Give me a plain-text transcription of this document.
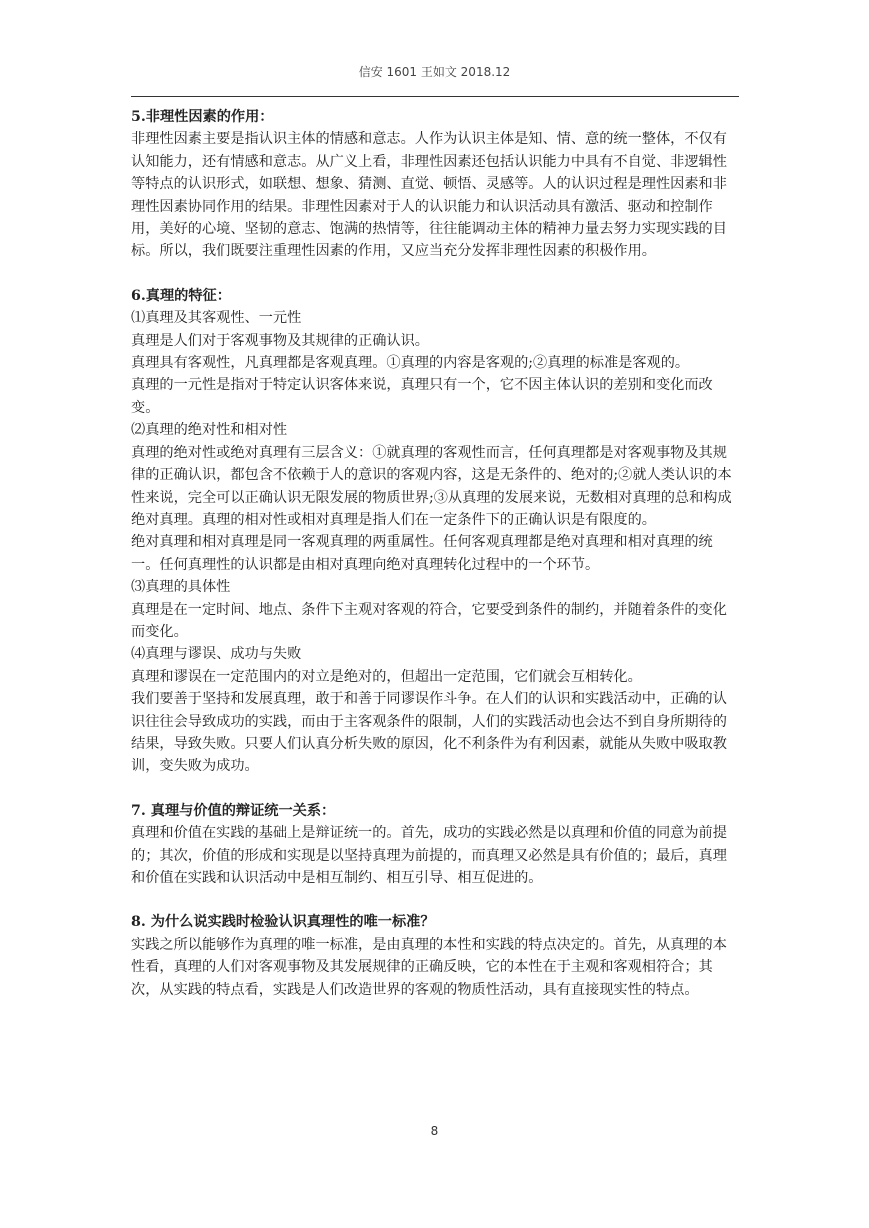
信安 1601 王如文 2018.12

5.非理性因素的作用：

非理性因素主要是指认识主体的情感和意志。人作为认识主体是知、情、意的统一整体，不仅有认知能力，还有情感和意志。从广义上看，非理性因素还包括认识能力中具有不自觉、非逻辑性等特点的认识形式，如联想、想象、猜测、直觉、顿悟、灵感等。人的认识过程是理性因素和非理性因素协同作用的结果。非理性因素对于人的认识能力和认识活动具有激活、驱动和控制作用，美好的心境、坚韧的意志、饱满的热情等，往往能调动主体的精神力量去努力实现实践的目标。所以，我们既要注重理性因素的作用，又应当充分发挥非理性因素的积极作用。

6.真理的特征：

⑴真理及其客观性、一元性

真理是人们对于客观事物及其规律的正确认识。

真理具有客观性，凡真理都是客观真理。①真理的内容是客观的;②真理的标准是客观的。

真理的一元性是指对于特定认识客体来说，真理只有一个，它不因主体认识的差别和变化而改变。

⑵真理的绝对性和相对性

真理的绝对性或绝对真理有三层含义：①就真理的客观性而言，任何真理都是对客观事物及其规律的正确认识，都包含不依赖于人的意识的客观内容，这是无条件的、绝对的;②就人类认识的本性来说，完全可以正确认识无限发展的物质世界;③从真理的发展来说，无数相对真理的总和构成绝对真理。真理的相对性或相对真理是指人们在一定条件下的正确认识是有限度的。

绝对真理和相对真理是同一客观真理的两重属性。任何客观真理都是绝对真理和相对真理的统一。任何真理性的认识都是由相对真理向绝对真理转化过程中的一个环节。

⑶真理的具体性

真理是在一定时间、地点、条件下主观对客观的符合，它要受到条件的制约，并随着条件的变化而变化。

⑷真理与谬误、成功与失败

真理和谬误在一定范围内的对立是绝对的，但超出一定范围，它们就会互相转化。

我们要善于坚持和发展真理，敢于和善于同谬误作斗争。在人们的认识和实践活动中，正确的认识往往会导致成功的实践，而由于主客观条件的限制，人们的实践活动也会达不到自身所期待的结果，导致失败。只要人们认真分析失败的原因，化不利条件为有利因素，就能从失败中吸取教训，变失败为成功。

7. 真理与价值的辩证统一关系：

真理和价值在实践的基础上是辩证统一的。首先，成功的实践必然是以真理和价值的同意为前提的；其次，价值的形成和实现是以坚持真理为前提的，而真理又必然是具有价值的；最后，真理和价值在实践和认识活动中是相互制约、相互引导、相互促进的。

8. 为什么说实践时检验认识真理性的唯一标准？

实践之所以能够作为真理的唯一标准，是由真理的本性和实践的特点决定的。首先，从真理的本性看，真理的人们对客观事物及其发展规律的正确反映，它的本性在于主观和客观相符合；其次，从实践的特点看，实践是人们改造世界的客观的物质性活动，具有直接现实性的特点。

8
